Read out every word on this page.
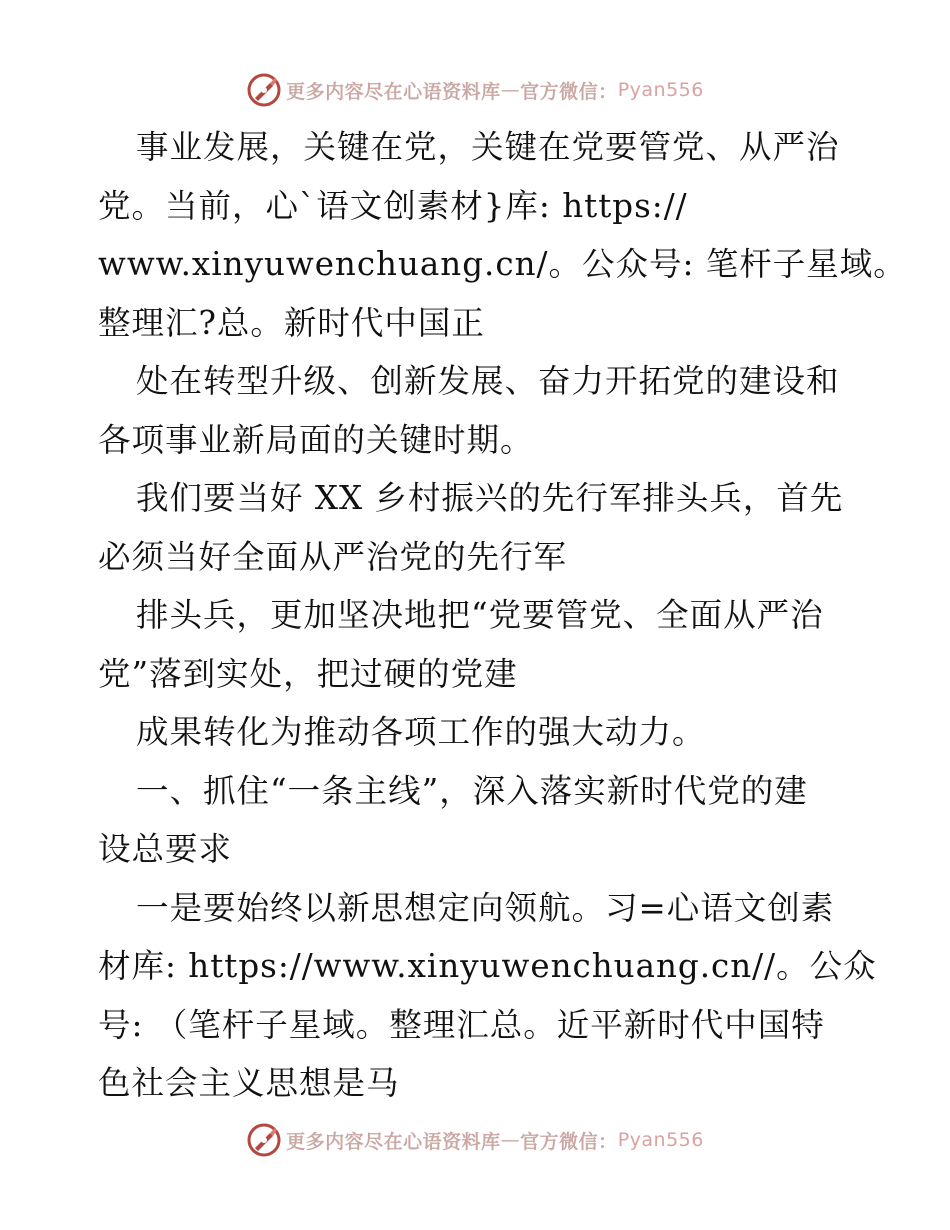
更多内容尽在心语资料库 — 官方微信： Pyan556
事业发展，关键在党，关键在党要管党、从严治
党。当前，心`语文创素材}库: https://
www.xinyuwenchuang.cn/。公众号: 笔杆子星域。
整理汇?总。新时代中国正
处在转型升级、创新发展、奋力开拓党的建设和
各项事业新局面的关键时期。
我们要当好 XX 乡村振兴的先行军排头兵，首先
必须当好全面从严治党的先行军
排头兵，更加坚决地把“党要管党、全面从严治
党”落到实处，把过硬的党建
成果转化为推动各项工作的强大动力。
一、抓住“一条主线”，深入落实新时代党的建
设总要求
一是要始终以新思想定向领航。习=心语文创素
材库: https://www.xinyuwenchuang.cn//。公众
号: （笔杆子星域。整理汇总。近平新时代中国特
色社会主义思想是马
更多内容尽在心语资料库 — 官方微信： Pyan556
